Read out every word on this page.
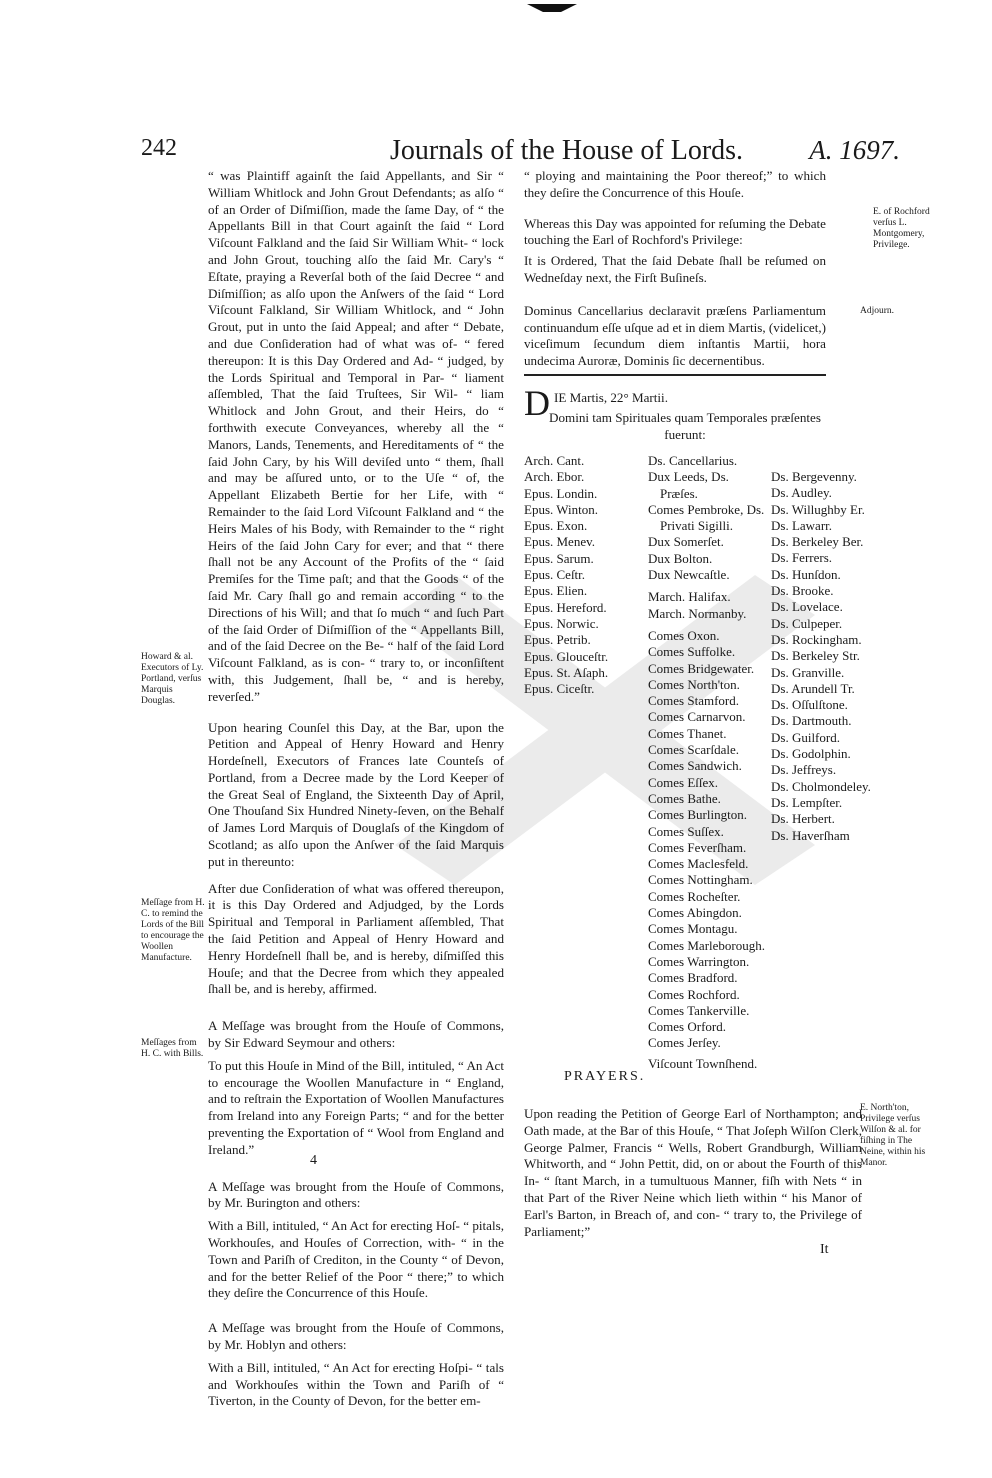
242	Journals of the House of Lords. A. 1697.

“ was Plaintiff againſt the ſaid Appellants, and Sir “ William Whitlock and John Grout Defendants; as alſo “ of an Order of Diſmiſſion, made the ſame Day, of “ the Appellants Bill in that Court againſt the ſaid “ Lord Viſcount Falkland and the ſaid Sir William Whit- “ lock and John Grout, touching alſo the ſaid Mr. Cary's “ Eſtate, praying a Reverſal both of the ſaid Decree “ and Diſmiſſion; as alſo upon the Anſwers of the ſaid “ Lord Viſcount Falkland, Sir William Whitlock, and “ John Grout, put in unto the ſaid Appeal; and after “ Debate, and due Conſideration had of what was of- “ fered thereupon: It is this Day Ordered and Ad- “ judged, by the Lords Spiritual and Temporal in Par- “ liament aſſembled, That the ſaid Truſtees, Sir Wil- “ liam Whitlock and John Grout, and their Heirs, do “ forthwith execute Conveyances, whereby all the “ Manors, Lands, Tenements, and Hereditaments of “ the ſaid John Cary, by his Will deviſed unto “ them, ſhall and may be aſſured unto, or to the Uſe “ of, the Appellant Elizabeth Bertie for her Life, with “ Remainder to the ſaid Lord Viſcount Falkland and “ the Heirs Males of his Body, with Remainder to the “ right Heirs of the ſaid John Cary for ever; and that “ there ſhall not be any Account of the Profits of the “ ſaid Premiſes for the Time paſt; and that the Goods “ of the ſaid Mr. Cary ſhall go and remain according “ to the Directions of his Will; and that ſo much “ and ſuch Part of the ſaid Order of Diſmiſſion of the “ Appellants Bill, and of the ſaid Decree on the Be- “ half of the ſaid Lord Viſcount Falkland, as is con- “ trary to, or inconſiſtent with, this Judgement, ſhall be, “ and is hereby, reverſed.”

Upon hearing Counſel this Day, at the Bar, upon the Petition and Appeal of Henry Howard and Henry Hordeſnell, Executors of Frances late Counteſs of Portland, from a Decree made by the Lord Keeper of the Great Seal of England, the Sixteenth Day of April, One Thouſand Six Hundred Ninety-ſeven, on the Behalf of James Lord Marquis of Douglaſs of the Kingdom of Scotland; as alſo upon the Anſwer of the ſaid Marquis put in thereunto:

After due Conſideration of what was offered thereupon, it is this Day Ordered and Adjudged, by the Lords Spiritual and Temporal in Parliament aſſembled, That the ſaid Petition and Appeal of Henry Howard and Henry Hordeſnell ſhall be, and is hereby, diſmiſſed this Houſe; and that the Decree from which they appealed ſhall be, and is hereby, affirmed.

A Meſſage was brought from the Houſe of Commons, by Sir Edward Seymour and others:

To put this Houſe in Mind of the Bill, intituled, “ An Act to encourage the Woollen Manufacture in “ England, and to reſtrain the Exportation of Woollen Manufactures from Ireland into any Foreign Parts; “ and for the better preventing the Exportation of “ Wool from England and Ireland.”

A Meſſage was brought from the Houſe of Commons, by Mr. Burington and others:

With a Bill, intituled, “ An Act for erecting Hoſ- “ pitals, Workhouſes, and Houſes of Correction, with- “ in the Town and Pariſh of Crediton, in the County “ of Devon, and for the better Relief of the Poor “ there;” to which they deſire the Concurrence of this Houſe.

A Meſſage was brought from the Houſe of Commons, by Mr. Hoblyn and others:

With a Bill, intituled, “ An Act for erecting Hoſpi- “ tals and Workhouſes within the Town and Pariſh of “ Tiverton, in the County of Devon, for the better em-

Howard & al. Executors of Ly. Portland, verſus Marquis Douglas.
Meſſage from H. C. to remind the Lords of the Bill to encourage the Woollen Manufacture.
Meſſages from H. C. with Bills.

“ ploying and maintaining the Poor thereof;” to which they deſire the Concurrence of this Houſe.

Whereas this Day was appointed for reſuming the Debate touching the Earl of Rochford's Privilege:

It is Ordered, That the ſaid Debate ſhall be reſumed on Wedneſday next, the Firſt Buſineſs.

Dominus Cancellarius declaravit præſens Parliamentum continuandum eſſe uſque ad et in diem Martis, (videlicet,) viceſimum ſecundum diem inſtantis Martii, hora undecima Auroræ, Dominis ſic decernentibus.

E. of Rochford verſus L. Montgomery, Privilege.
Adjourn.
E. North'ton, Privilege verſus Wilſon & al. for fiſhing in The Neine, within his Manor.
D IE Martis, 22° Martii.
Domini tam Spirituales quam Temporales præſentes fuerunt:
Arch. Cant.
Arch. Ebor.
Epus. Londin.
Epus. Winton.
Epus. Exon.
Epus. Menev.
Epus. Sarum.
Epus. Ceſtr.
Epus. Elien.
Epus. Hereford.
Epus. Norwic.
Epus. Petrib.
Epus. Glouceſtr.
Epus. St. Aſaph.
Epus. Ciceſtr.
Ds. Cancellarius.
Dux Leeds, Ds.
Præſes.
Comes Pembroke, Ds.
Privati Sigilli.
Dux Somerſet.
Dux Bolton.
Dux Newcaſtle.
March. Halifax.
March. Normanby.
Comes Oxon.
Comes Suffolke.
Comes Bridgewater.
Comes North'ton.
Comes Stamford.
Comes Carnarvon.
Comes Thanet.
Comes Scarſdale.
Comes Sandwich.
Comes Eſſex.
Comes Bathe.
Comes Burlington.
Comes Suſſex.
Comes Feverſham.
Comes Maclesfeld.
Comes Nottingham.
Comes Rocheſter.
Comes Abingdon.
Comes Montagu.
Comes Marleborough.
Comes Warrington.
Comes Bradford.
Comes Rochford.
Comes Tankerville.
Comes Orford.
Comes Jerſey.
Viſcount Townſhend.
Ds. Bergevenny.
Ds. Audley.
Ds. Willughby Er.
Ds. Lawarr.
Ds. Berkeley Ber.
Ds. Ferrers.
Ds. Hunſdon.
Ds. Brooke.
Ds. Lovelace.
Ds. Culpeper.
Ds. Rockingham.
Ds. Berkeley Str.
Ds. Granville.
Ds. Arundell Tr.
Ds. Oſſulſtone.
Ds. Dartmouth.
Ds. Guilford.
Ds. Godolphin.
Ds. Jeffreys.
Ds. Cholmondeley.
Ds. Lempſter.
Ds. Herbert.
Ds. Haverſham
PRAYERS.
Upon reading the Petition of George Earl of Northampton; and Oath made, at the Bar of this Houſe, “ That Joſeph Wilſon Clerk, George Palmer, Francis “ Wells, Robert Grandburgh, William Whitworth, and “ John Pettit, did, on or about the Fourth of this In- “ ſtant March, in a tumultuous Manner, fiſh with Nets “ in that Part of the River Neine which lieth within “ his Manor of Earl's Barton, in Breach of, and con- “ trary to, the Privilege of Parliament;”
It
4
